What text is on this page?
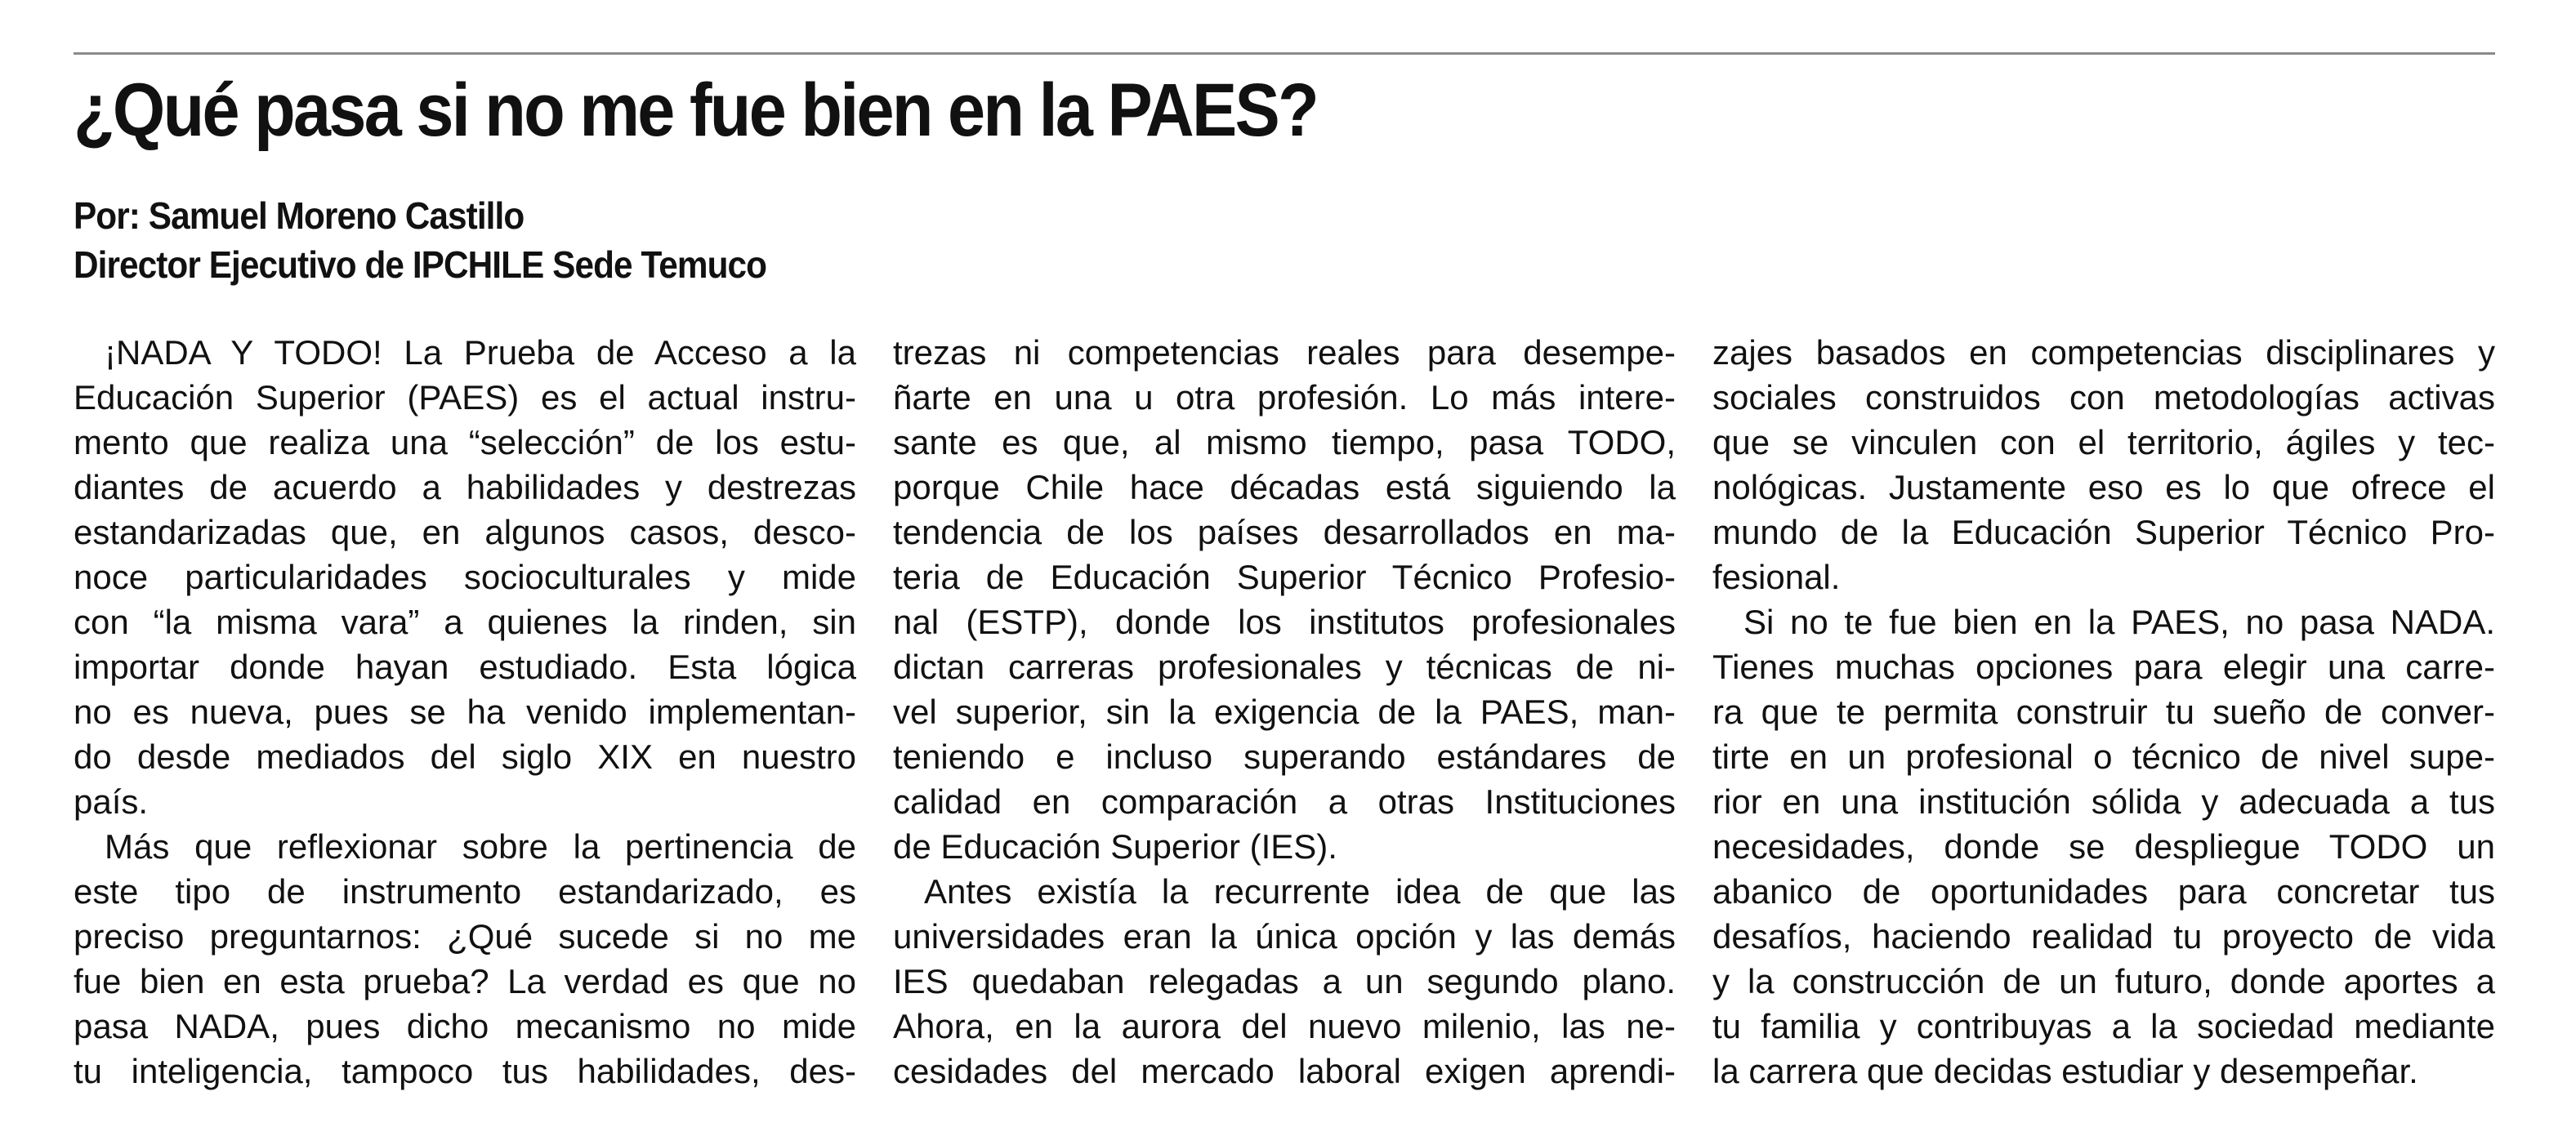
¿Qué pasa si no me fue bien en la PAES?
Por: Samuel Moreno Castillo
Director Ejecutivo de IPCHILE Sede Temuco
¡NADA Y TODO! La Prueba de Acceso a la
Educación Superior (PAES) es el actual instru-
mento que realiza una “selección” de los estu-
diantes de acuerdo a habilidades y destrezas
estandarizadas que, en algunos casos, desco-
noce particularidades socioculturales y mide
con “la misma vara” a quienes la rinden, sin
importar donde hayan estudiado. Esta lógica
no es nueva, pues se ha venido implementan-
do desde mediados del siglo XIX en nuestro
país.
Más que reflexionar sobre la pertinencia de
este tipo de instrumento estandarizado, es
preciso preguntarnos: ¿Qué sucede si no me
fue bien en esta prueba? La verdad es que no
pasa NADA, pues dicho mecanismo no mide
tu inteligencia, tampoco tus habilidades, des-
trezas ni competencias reales para desempe-
ñarte en una u otra profesión. Lo más intere-
sante es que, al mismo tiempo, pasa TODO,
porque Chile hace décadas está siguiendo la
tendencia de los países desarrollados en ma-
teria de Educación Superior Técnico Profesio-
nal (ESTP), donde los institutos profesionales
dictan carreras profesionales y técnicas de ni-
vel superior, sin la exigencia de la PAES, man-
teniendo e incluso superando estándares de
calidad en comparación a otras Instituciones
de Educación Superior (IES).
Antes existía la recurrente idea de que las
universidades eran la única opción y las demás
IES quedaban relegadas a un segundo plano.
Ahora, en la aurora del nuevo milenio, las ne-
cesidades del mercado laboral exigen aprendi-
zajes basados en competencias disciplinares y
sociales construidos con metodologías activas
que se vinculen con el territorio, ágiles y tec-
nológicas. Justamente eso es lo que ofrece el
mundo de la Educación Superior Técnico Pro-
fesional.
Si no te fue bien en la PAES, no pasa NADA.
Tienes muchas opciones para elegir una carre-
ra que te permita construir tu sueño de conver-
tirte en un profesional o técnico de nivel supe-
rior en una institución sólida y adecuada a tus
necesidades, donde se despliegue TODO un
abanico de oportunidades para concretar tus
desafíos, haciendo realidad tu proyecto de vida
y la construcción de un futuro, donde aportes a
tu familia y contribuyas a la sociedad mediante
la carrera que decidas estudiar y desempeñar.
